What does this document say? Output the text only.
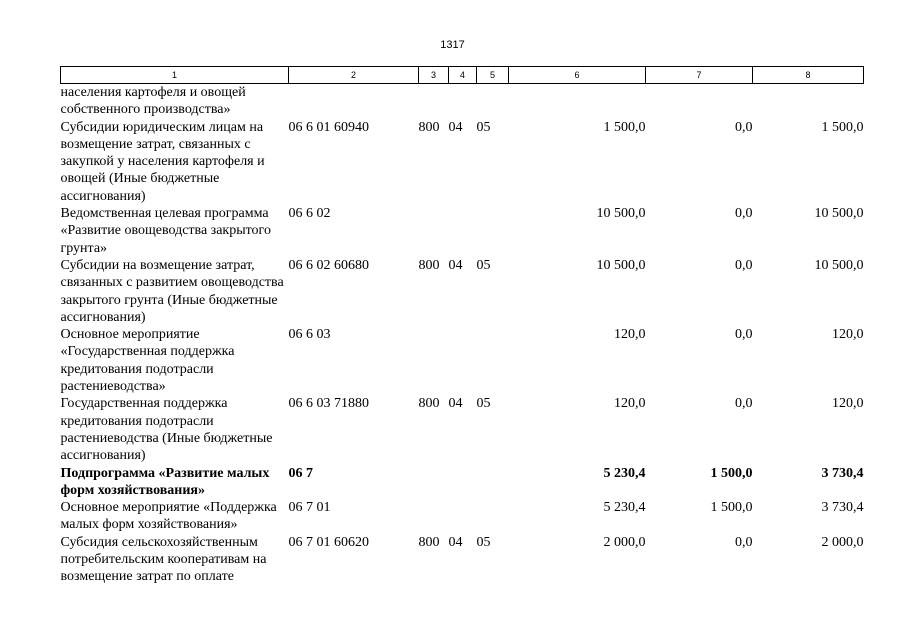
1317
1	2	3	4	5	6	7	8
населения картофеля и овощей собственного производства»							
Субсидии юридическим лицам на возмещение затрат, связанных с закупкой у населения картофеля и овощей (Иные бюджетные ассигнования)	06 6 01 60940	800	04	05	1 500,0	0,0	1 500,0
Ведомственная целевая программа «Развитие овощеводства закрытого грунта»	06 6 02				10 500,0	0,0	10 500,0
Субсидии на возмещение затрат, связанных с развитием овощеводства закрытого грунта (Иные бюджетные ассигнования)	06 6 02 60680	800	04	05	10 500,0	0,0	10 500,0
Основное мероприятие «Государственная поддержка кредитования подотрасли растениеводства»	06 6 03				120,0	0,0	120,0
Государственная поддержка кредитования подотрасли растениеводства (Иные бюджетные ассигнования)	06 6 03 71880	800	04	05	120,0	0,0	120,0
Подпрограмма «Развитие малых форм хозяйствования»	06 7				5 230,4	1 500,0	3 730,4
Основное мероприятие «Поддержка малых форм хозяйствования»	06 7 01				5 230,4	1 500,0	3 730,4
Субсидия сельскохозяйственным потребительским кооперативам на возмещение затрат по оплате	06 7 01 60620	800	04	05	2 000,0	0,0	2 000,0
